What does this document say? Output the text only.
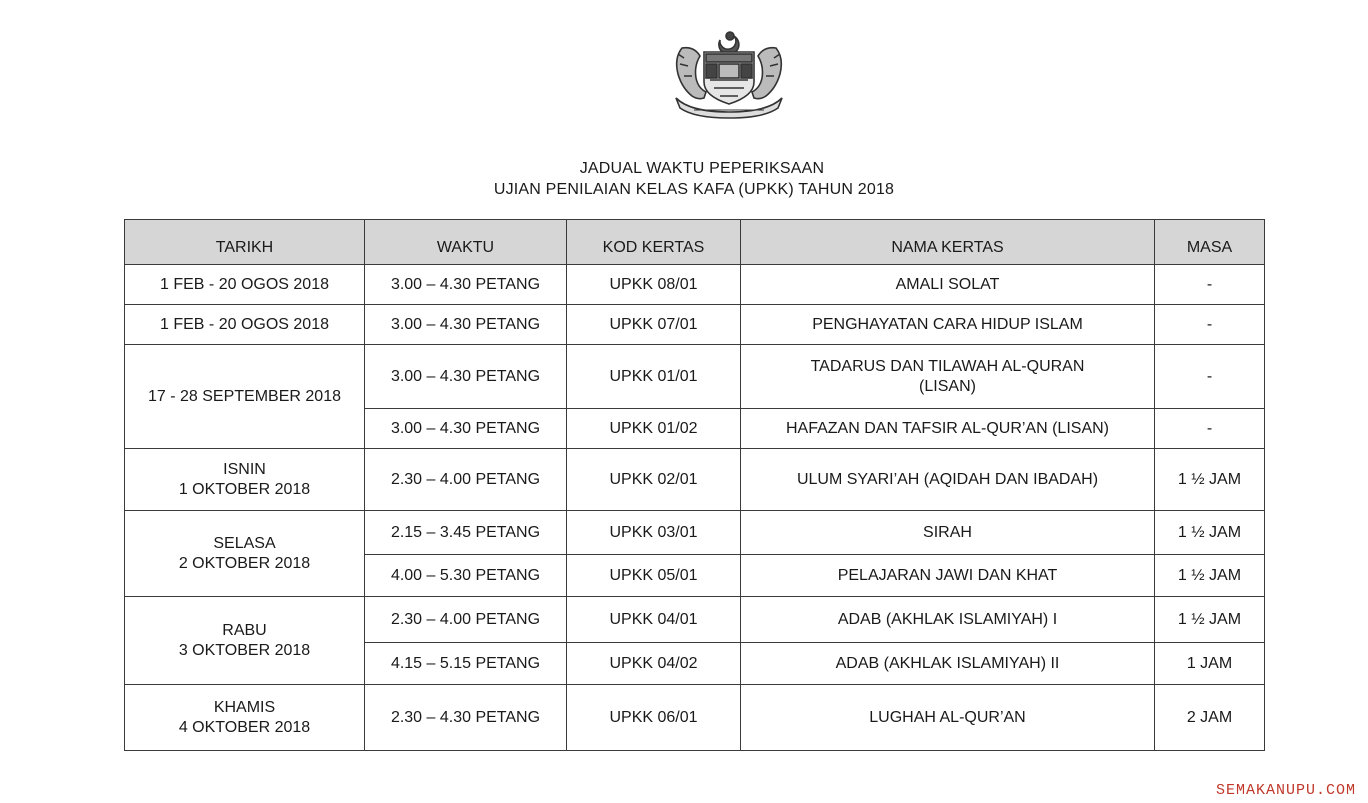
JADUAL WAKTU PEPERIKSAAN
UJIAN PENILAIAN KELAS KAFA (UPKK) TAHUN 2018
TARIKH	WAKTU	KOD KERTAS	NAMA KERTAS	MASA

1 FEB - 20 OGOS 2018	3.00 – 4.30 PETANG	UPKK 08/01	AMALI SOLAT	-

1 FEB - 20 OGOS 2018	3.00 – 4.30 PETANG	UPKK 07/01	PENGHAYATAN CARA HIDUP ISLAM	-

17 - 28 SEPTEMBER 2018	3.00 – 4.30 PETANG	UPKK 01/01	TADARUS DAN TILAWAH AL-QURAN
(LISAN)	-
	3.00 – 4.30 PETANG	UPKK 01/02	HAFAZAN DAN TAFSIR AL-QUR’AN (LISAN)	-

ISNIN
1 OKTOBER 2018	2.30 – 4.00 PETANG	UPKK 02/01	ULUM SYARI’AH (AQIDAH DAN IBADAH)	1 ½ JAM

SELASA
2 OKTOBER 2018	2.15 – 3.45 PETANG	UPKK 03/01	SIRAH	1 ½ JAM
	4.00 – 5.30 PETANG	UPKK 05/01	PELAJARAN JAWI DAN KHAT	1 ½ JAM

RABU
3 OKTOBER 2018	2.30 – 4.00 PETANG	UPKK 04/01	ADAB (AKHLAK ISLAMIYAH) I	1 ½ JAM
	4.15 – 5.15 PETANG	UPKK 04/02	ADAB (AKHLAK ISLAMIYAH) II	1 JAM

KHAMIS
4 OKTOBER 2018	2.30 – 4.30 PETANG	UPKK 06/01	LUGHAH AL-QUR’AN	2 JAM
SEMAKANUPU.COM
